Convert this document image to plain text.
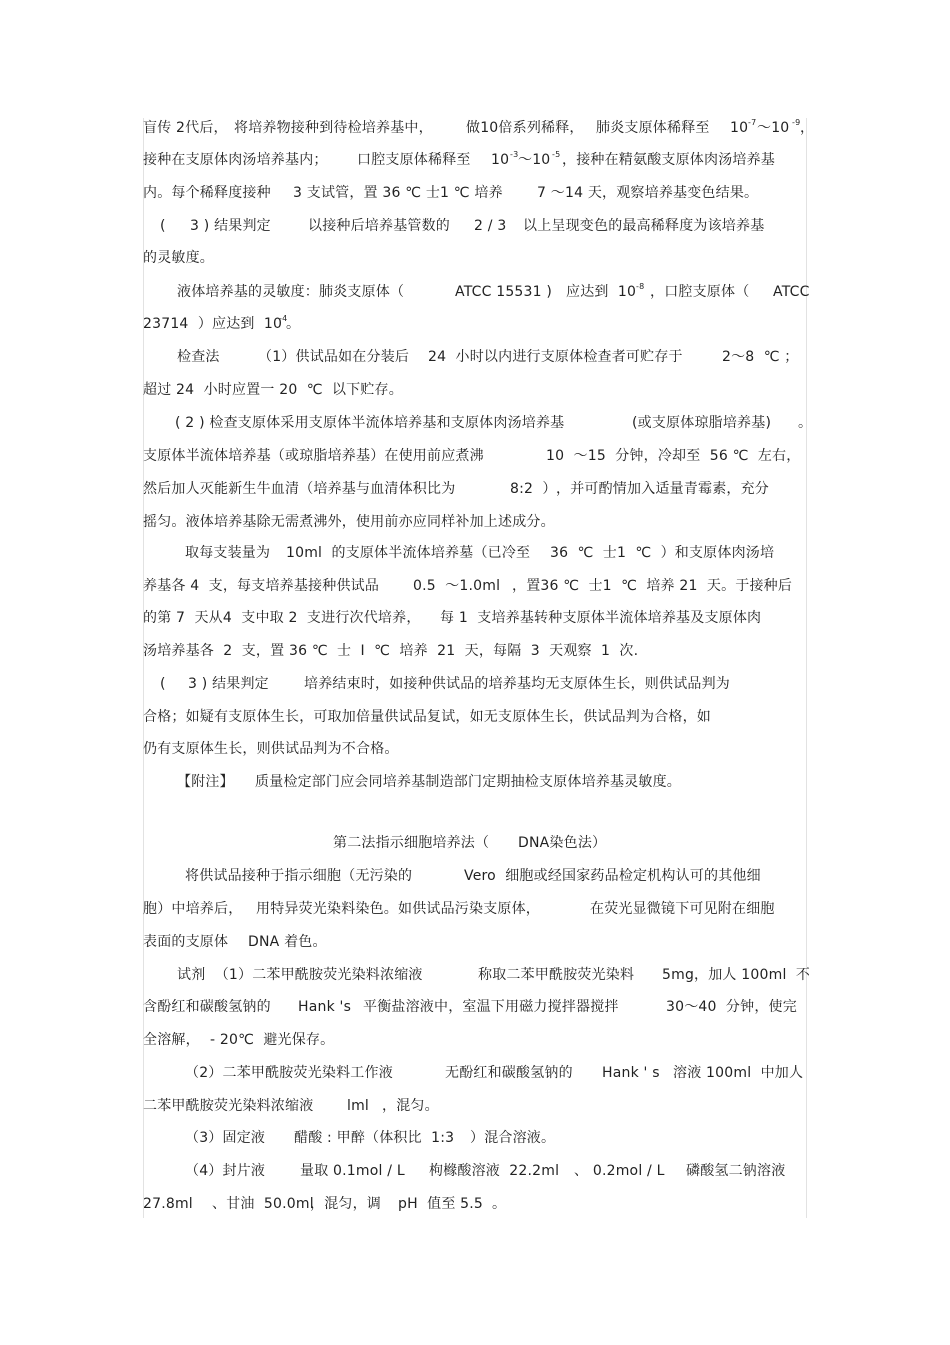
盲传 2代后，

将培养物接种到待检培养基中，

做10倍系列稀释，

肺炎支原体稀释至

10

-7

～10

-9

，

接种在支原体肉汤培养基内；

口腔支原体稀释至

10

-3

～10

-5

，接种在精氨酸支原体肉汤培养基

内。每个稀释度接种

3 支试管，置 36 ℃ 士1 ℃ 培养

7 ～14 天，观察培养基变色结果。

(

3 ) 结果判定

	以接种后培养基管数的

2 / 3

以上呈现变色的最高稀释度为该培养基

的灵敏度。

液体培养基的灵敏度：肺炎支原体（

	ATCC 15531 )

应达到  10

-8

，口腔支原体（

ATCC

23714  ）应达到  10

-4

。

检查法

	（1）供试品如在分装后

24  小时以内进行支原体检查者可贮存于

	2～8  ℃ ；

超过 24  小时应置一 20  ℃  以下贮存。

( 2 ) 检查支原体采用支原体半流体培养基和支原体肉汤培养基

	(或支原体琼脂培养基)

。

支原体半流体培养基（或琼脂培养基）在使用前应煮沸

	10  ～15  分钟，冷却至  56 ℃  左右，

然后加人灭能新生牛血清（培养基与血清体积比为

	8:2  ）

，并可酌情加入适量青霉素，充分

摇匀。液体培养基除无需煮沸外，使用前亦应同样补加上述成分。

取每支装量为

10ml  的支原体半流体培养墓（已冷至

36  ℃  士1  ℃  ）和支原体肉汤培

养基各 4  支，每支培养基接种供试品

0.5  ～1.0ml

，置36 ℃  士1  ℃  培养 21  天。于接种后

的第 7  天从4  支中取 2  支进行次代培养，

每 1  支培养基转种支原体半流体培养基及支原体肉

汤培养基各  2  支，置 36 ℃  士  I  ℃  培养  21  天，每隔  3  天观察  1  次.

(

3 ) 结果判定

	培养结束时，如接种供试品的培养基均无支原体生长，则供试品判为

合格；如疑有支原体生长，可取加倍量供试品复试，如无支原体生长，供试品判为合格，如

仍有支原体生长，则供试品判为不合格。

【附注】

质量检定部门应会同培养基制造部门定期抽检支原体培养基灵敏度。

第二法指示细胞培养法（

DNA染色法）

将供试品接种于指示细胞（无污染的

	Vero  细胞或经国家药品检定机构认可的其他细

胞）中培养后，

用特异荧光染料染色。如供试品污染支原体，

	在荧光显微镜下可见附在细胞

表面的支原体

DNA 着色。

试剂  （1）二苯甲酰胺荧光染料浓缩液

	称取二苯甲酰胺荧光染料

5mg，加人 100ml  不

含酚红和碳酸氢钠的

Hank 's

平衡盐溶液中，室温下用磁力搅拌器搅拌

	30～40  分钟，使完

全溶解，

- 20℃  避光保存。

（2）二苯甲酰胺荧光染料工作液

	无酚红和碳酸氢钠的

Hank ' s

溶液 100ml  中加人

二苯甲酰胺荧光染料浓缩液

lml

，混匀。

（3）固定液

醋酸 : 甲醉（体积比  1:3

）混合溶液。

（4）封片液

量取 0.1mol / L

枸橼酸溶液  22.2ml

、 0.2mol / L

磷酸氢二钠溶液

27.8ml

、甘油  50.0ml

，混匀，调

pH  值至 5.5

。
